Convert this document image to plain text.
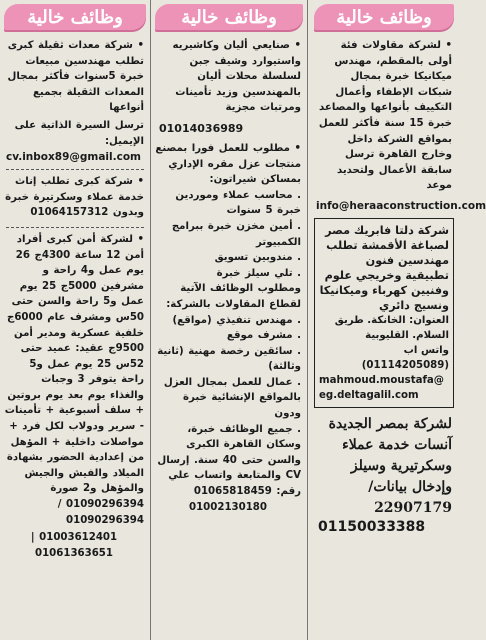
وظائف خالية
• لشركة مقاولات فئة أولى بالمقطم، مهندس ميكانيكا خبرة بمجال شبكات الإطفاء وأعمال التكييف بأنواعها والمصاعد خبرة 15 سنة فأكثر للعمل بمواقع الشركة داخل وخارج القاهرة ترسل سابقة الأعمال ولتحديد موعد
info@heraaconstruction.com
شركة دلتا فابريك مصر لصباغة الأقمشة تطلب مهندسين فنون تطبيقية وخريجي علوم وفنيين كهرباء وميكانيكا ونسيج دائري
العنوان: الخانكة. طريق السلام. القليوبية
واتس اب (01114205089)
mahmoud.moustafa@
eg.deltagalil.com
لشركة بمصر الجديدة آنسات خدمة عملاء وسكرتيرية وسيلز وإدخال بيانات/ 22907179
01150033388
وظائف خالية
• صنايعي أليان وكاشيريه واستيوارد وشيف جبن لسلسلة محلات أليان بالمهندسين وزيد تأمينات ومرتبات مجزية
01014036989
• مطلوب للعمل فورا بمصنع منتجات عزل مقره الإداري بمساكن شيراتون:
. محاسب عملاء وموردين خبرة 5 سنوات
. أمين مخزن خبرة ببرامج الكمبيوتر
. مندوبين تسويق
. تلي سيلز خبرة
ومطلوب الوظائف الآتية لقطاع المقاولات بالشركة:
. مهندس تنفيذي (مواقع)
. مشرف موقع
. سائقين رخصة مهنية (ثانية وثالثة)
. عمال للعمل بمجال العزل بالمواقع الإنشائية خبرة ودون
. جميع الوظائف خبرة، وسكان القاهرة الكبرى والسن حتى 40 سنة. إرسال CV والمتابعة واتساب علي رقم: 01065818459
01002130180
وظائف خالية
• شركة معدات ثقيلة كبرى تطلب مهندسين مبيعات خبرة 5سنوات فأكثر بمجال المعدات الثقيلة بجميع أنواعها
ترسل السيرة الذاتية على الإيميل:
cv.inbox89@gmail.com
• شركة كبرى تطلب إناث خدمة عملاء وسكرتيرة خبرة وبدون 01064157312
• لشركة أمن كبرى أفراد أمن 12 ساعة 4300ج 26 يوم عمل و4 راحة و مشرفين 5000ج 25 يوم عمل و5 راحة والسن حتى 50س ومشرف عام 6000ج خلفية عسكرية ومدير أمن 9500ج عقيد: عميد حتى 52س 25 يوم عمل و5 راحة يتوفر 3 وجبات والغذاء يوم بعد يوم بروتين + سلف أسبوعية + تأمينات - سرير ودولاب لكل فرد + مواصلات داخلية + المؤهل من إعدادية الحضور بشهادة الميلاد والفيش والجيش والمؤهل و2 صورة 01090296394 / 01090296394
01003612401 | 01061363651
